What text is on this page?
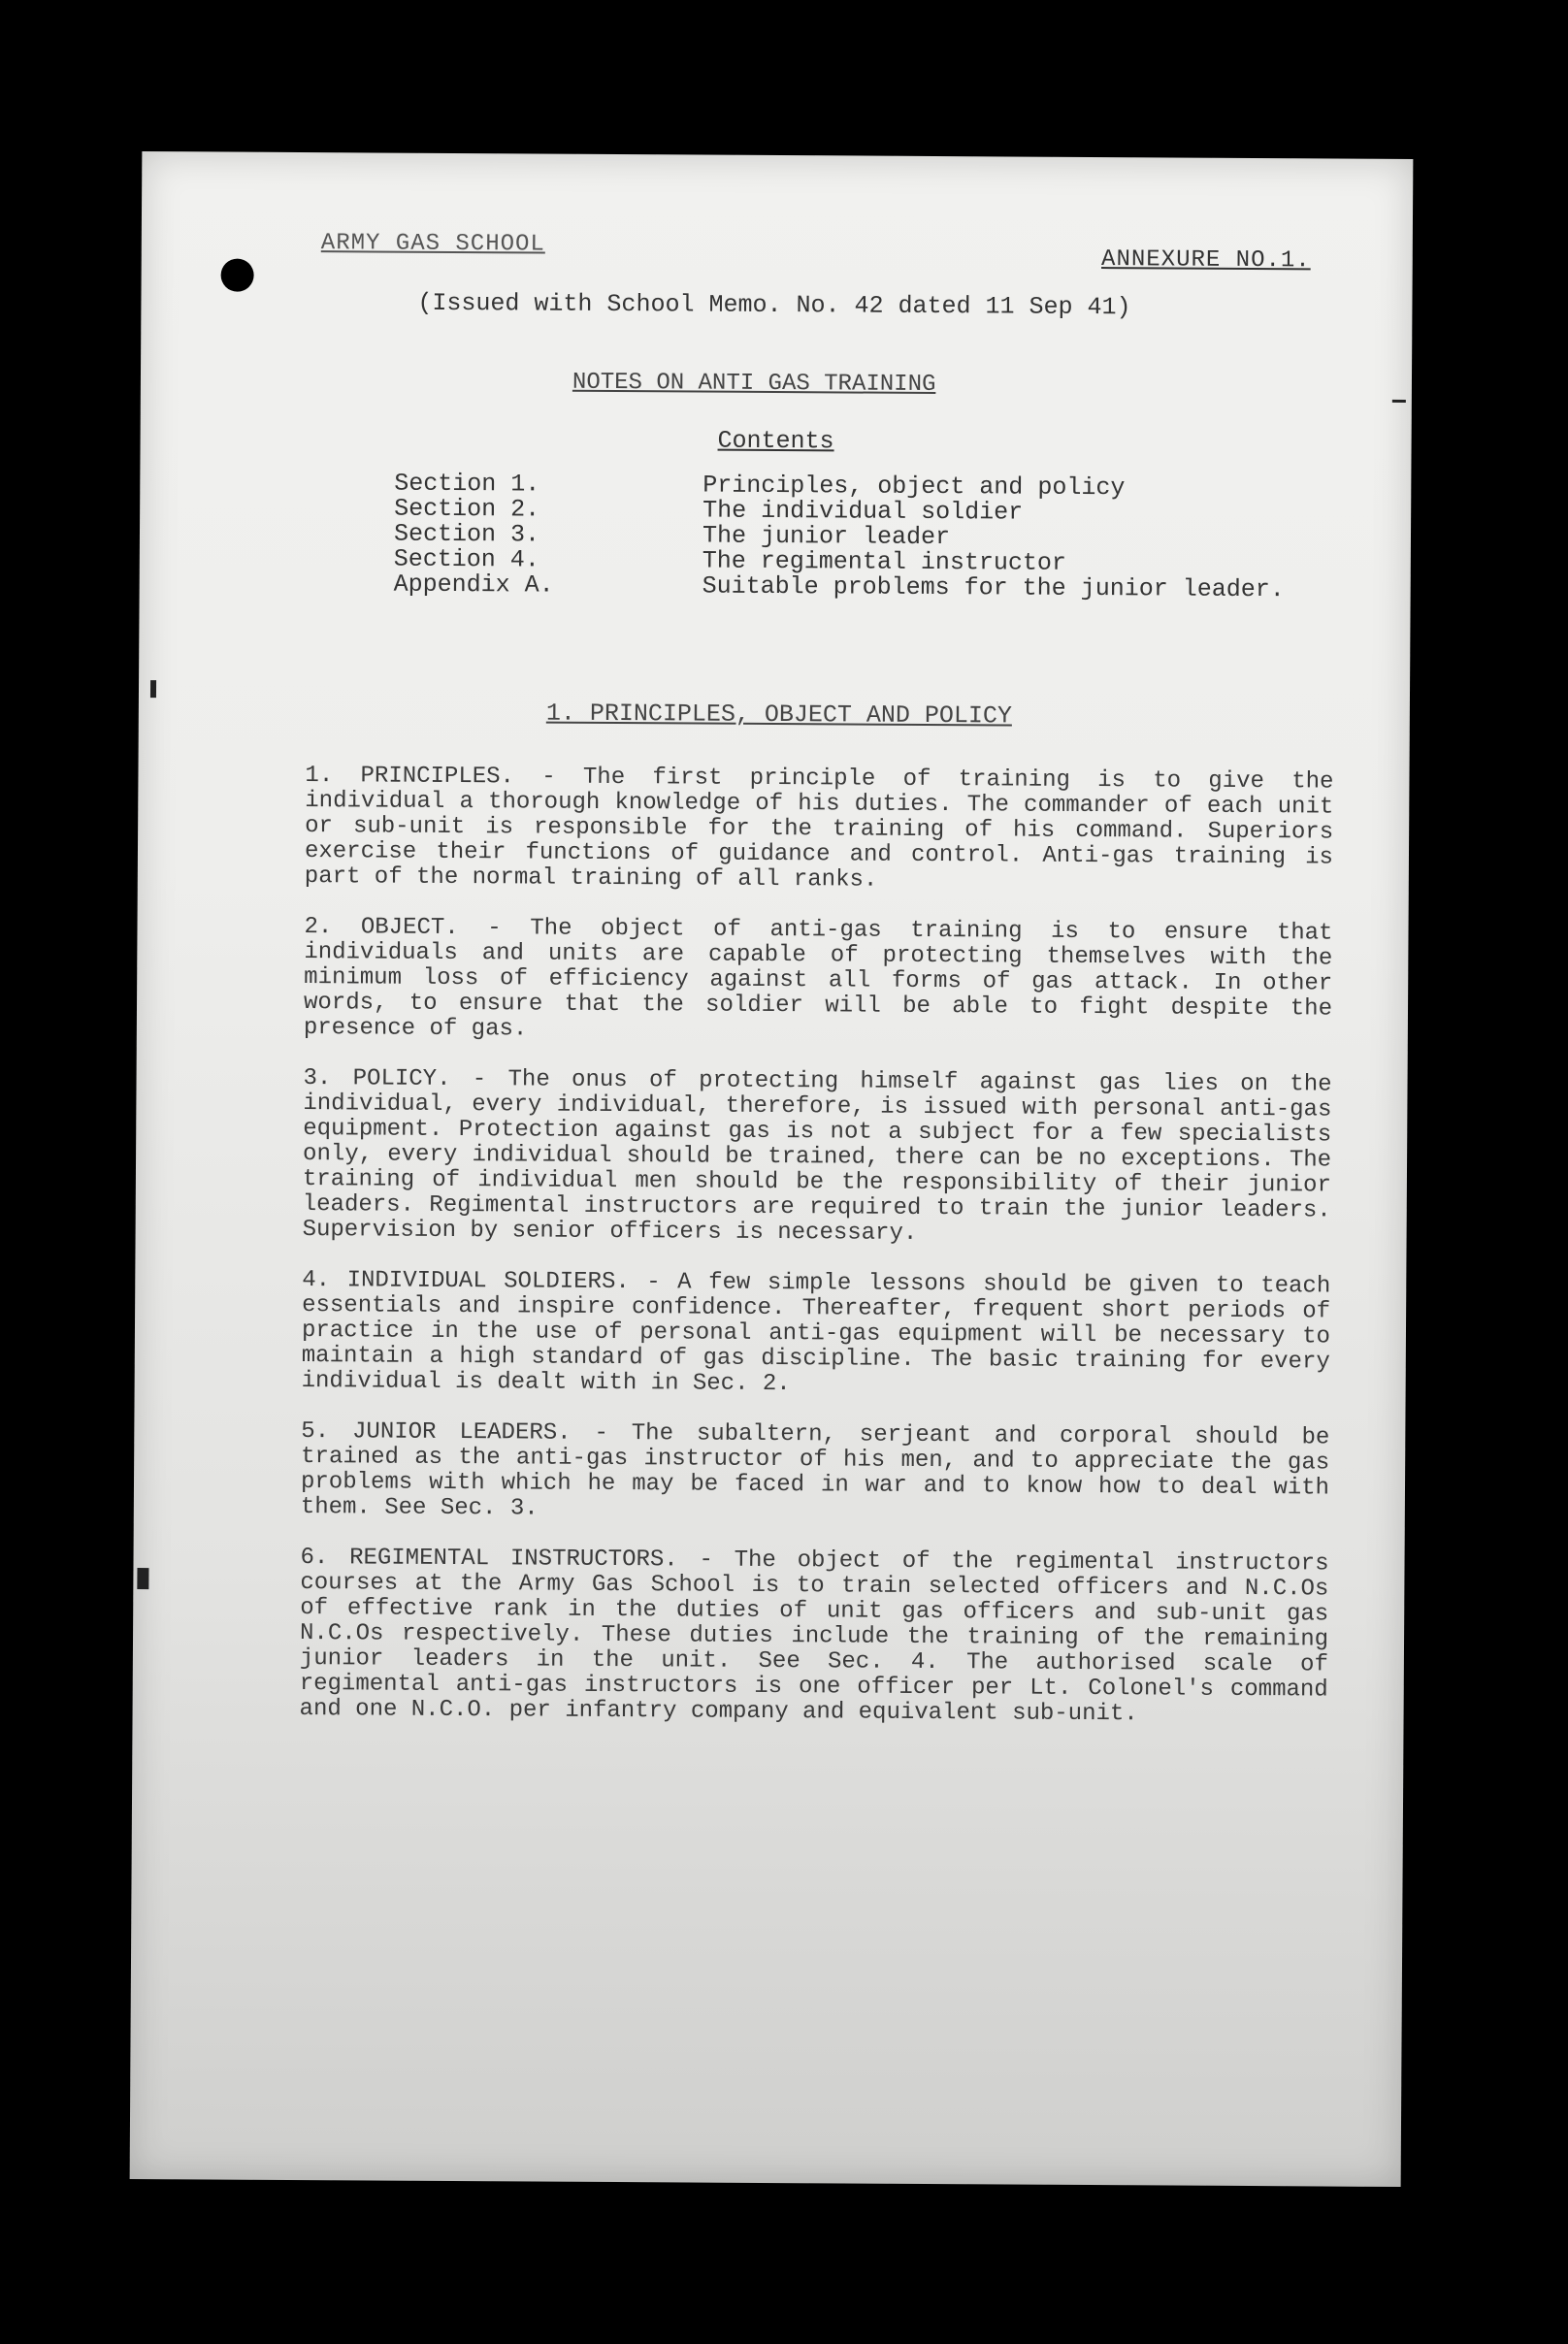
ARMY GAS SCHOOL
ANNEXURE NO.1.
(Issued with School Memo. No. 42 dated 11 Sep 41)
NOTES ON ANTI GAS TRAINING
Contents
Section 1.	Principles, object and policy
Section 2.	The individual soldier
Section 3.	The junior leader
Section 4.	The regimental instructor
Appendix A.	Suitable problems for the junior leader.
1. PRINCIPLES, OBJECT AND POLICY

1. PRINCIPLES. - The first principle of training is to give the individual a thorough knowledge of his duties. The commander of each unit or sub-unit is responsible for the training of his command. Superiors exercise their functions of guidance and control. Anti-gas training is part of the normal training of all ranks.

2. OBJECT. - The object of anti-gas training is to ensure that individuals and units are capable of protecting themselves with the minimum loss of efficiency against all forms of gas attack. In other words, to ensure that the soldier will be able to fight despite the presence of gas.

3. POLICY. - The onus of protecting himself against gas lies on the individual, every individual, therefore, is issued with personal anti-gas equipment. Protection against gas is not a subject for a few specialists only, every individual should be trained, there can be no exceptions. The training of individual men should be the responsibility of their junior leaders. Regimental instructors are required to train the junior leaders. Supervision by senior officers is necessary.

4. INDIVIDUAL SOLDIERS. - A few simple lessons should be given to teach essentials and inspire confidence. Thereafter, frequent short periods of practice in the use of personal anti-gas equipment will be necessary to maintain a high standard of gas discipline. The basic training for every individual is dealt with in Sec. 2.

5. JUNIOR LEADERS. - The subaltern, serjeant and corporal should be trained as the anti-gas instructor of his men, and to appreciate the gas problems with which he may be faced in war and to know how to deal with them. See Sec. 3.

6. REGIMENTAL INSTRUCTORS. - The object of the regimental instructors courses at the Army Gas School is to train selected officers and N.C.Os of effective rank in the duties of unit gas officers and sub-unit gas N.C.Os respectively. These duties include the training of the remaining junior leaders in the unit. See Sec. 4. The authorised scale of regimental anti-gas instructors is one officer per Lt. Colonel's command and one N.C.O. per infantry company and equivalent sub-unit.
